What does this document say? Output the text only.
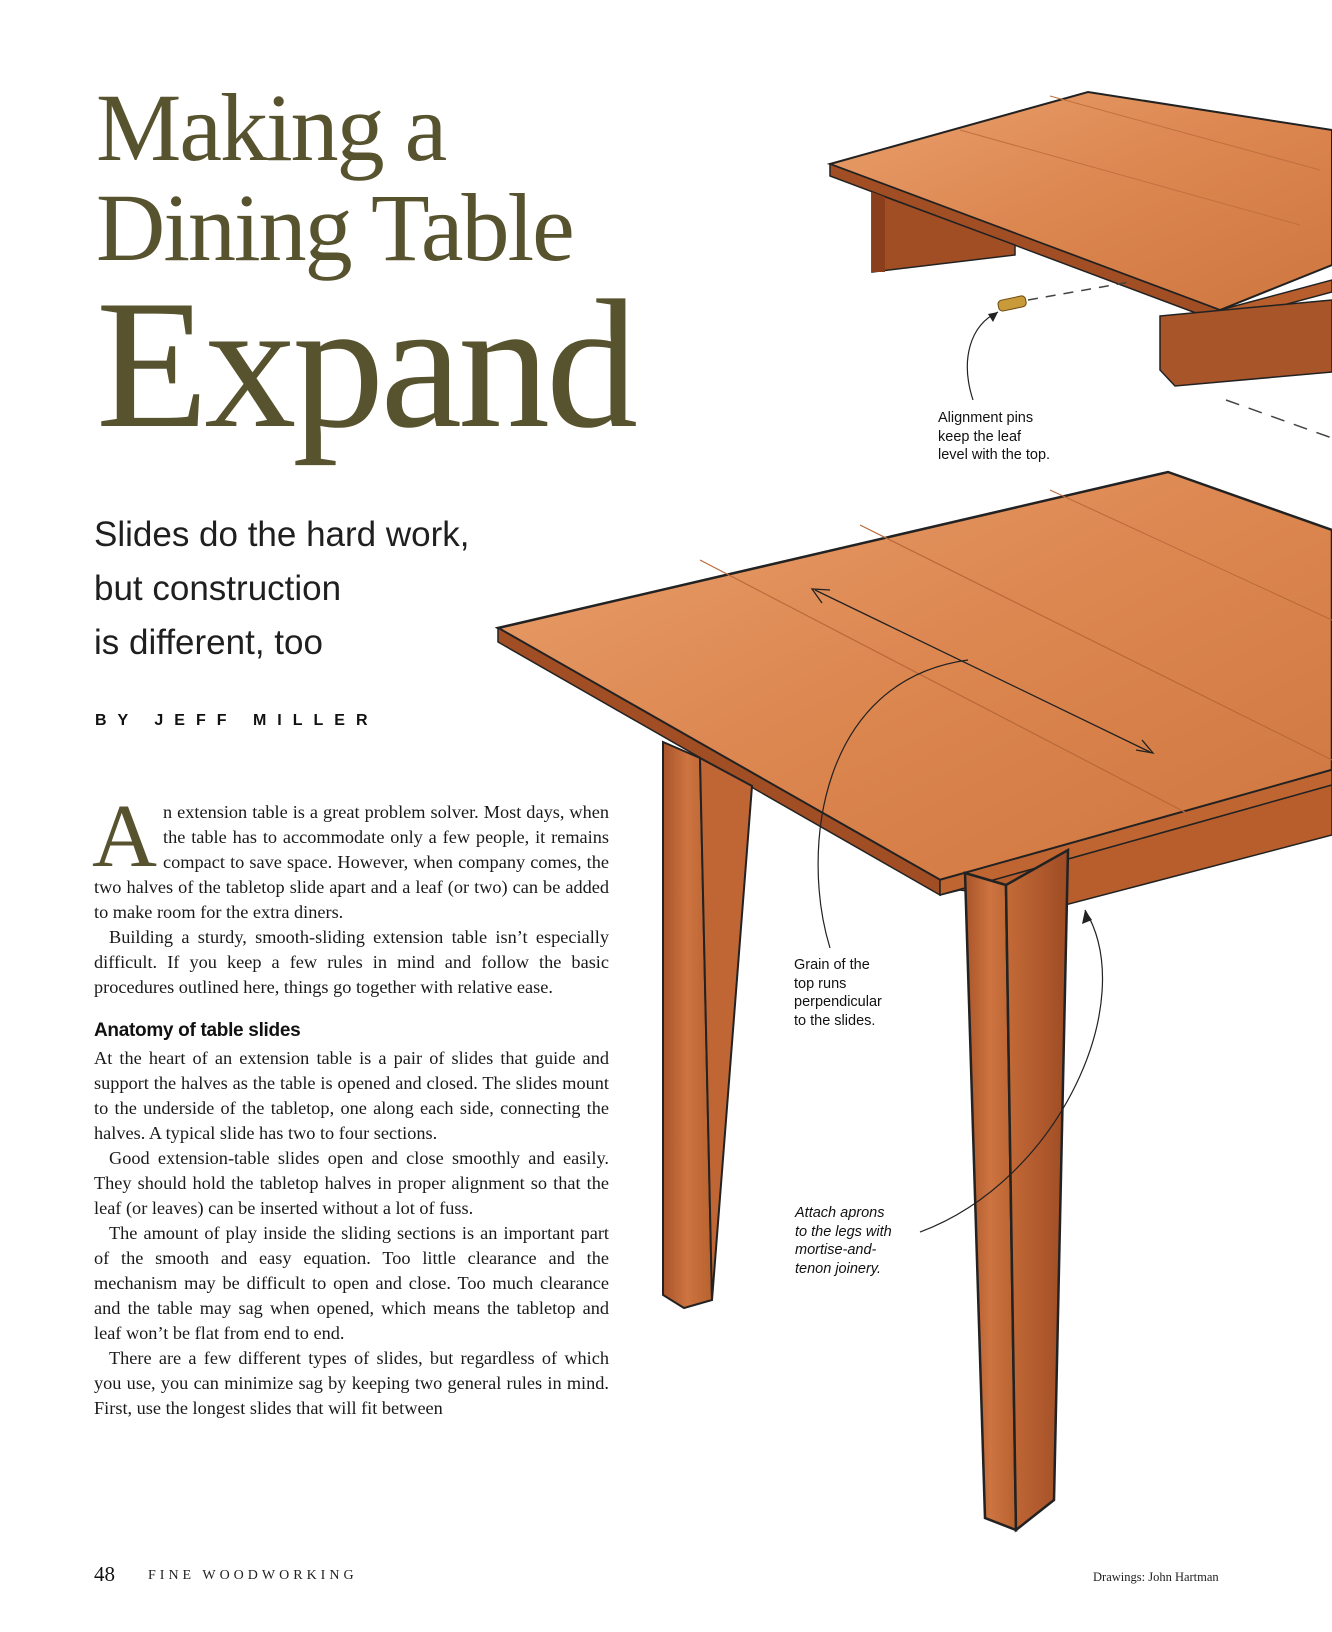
Making a
Dining Table
Expand
Slides do the hard work,
but construction
is different, too
BY JEFF MILLER

An extension table is a great problem solver. Most days, when the table has to accommodate only a few people, it remains compact to save space. However, when company comes, the two halves of the tabletop slide apart and a leaf (or two) can be added to make room for the extra diners.

Building a sturdy, smooth-sliding extension table isn’t especially difficult. If you keep a few rules in mind and follow the basic procedures outlined here, things go together with relative ease.

Anatomy of table slides

At the heart of an extension table is a pair of slides that guide and support the halves as the table is opened and closed. The slides mount to the underside of the tabletop, one along each side, connecting the halves. A typical slide has two to four sections.

Good extension-table slides open and close smoothly and easily. They should hold the tabletop halves in proper alignment so that the leaf (or leaves) can be inserted without a lot of fuss.

The amount of play inside the sliding sections is an important part of the smooth and easy equation. Too little clearance and the mechanism may be difficult to open and close. Too much clearance and the table may sag when opened, which means the tabletop and leaf won’t be flat from end to end.

There are a few different types of slides, but regardless of which you use, you can minimize sag by keeping two general rules in mind. First, use the longest slides that will fit between

Alignment pins
keep the leaf
level with the top.
Grain of the
top runs
perpendicular
to the slides.
Attach aprons
to the legs with
mortise-and-
tenon joinery.
48 FINE WOODWORKING	Drawings: John Hartman
